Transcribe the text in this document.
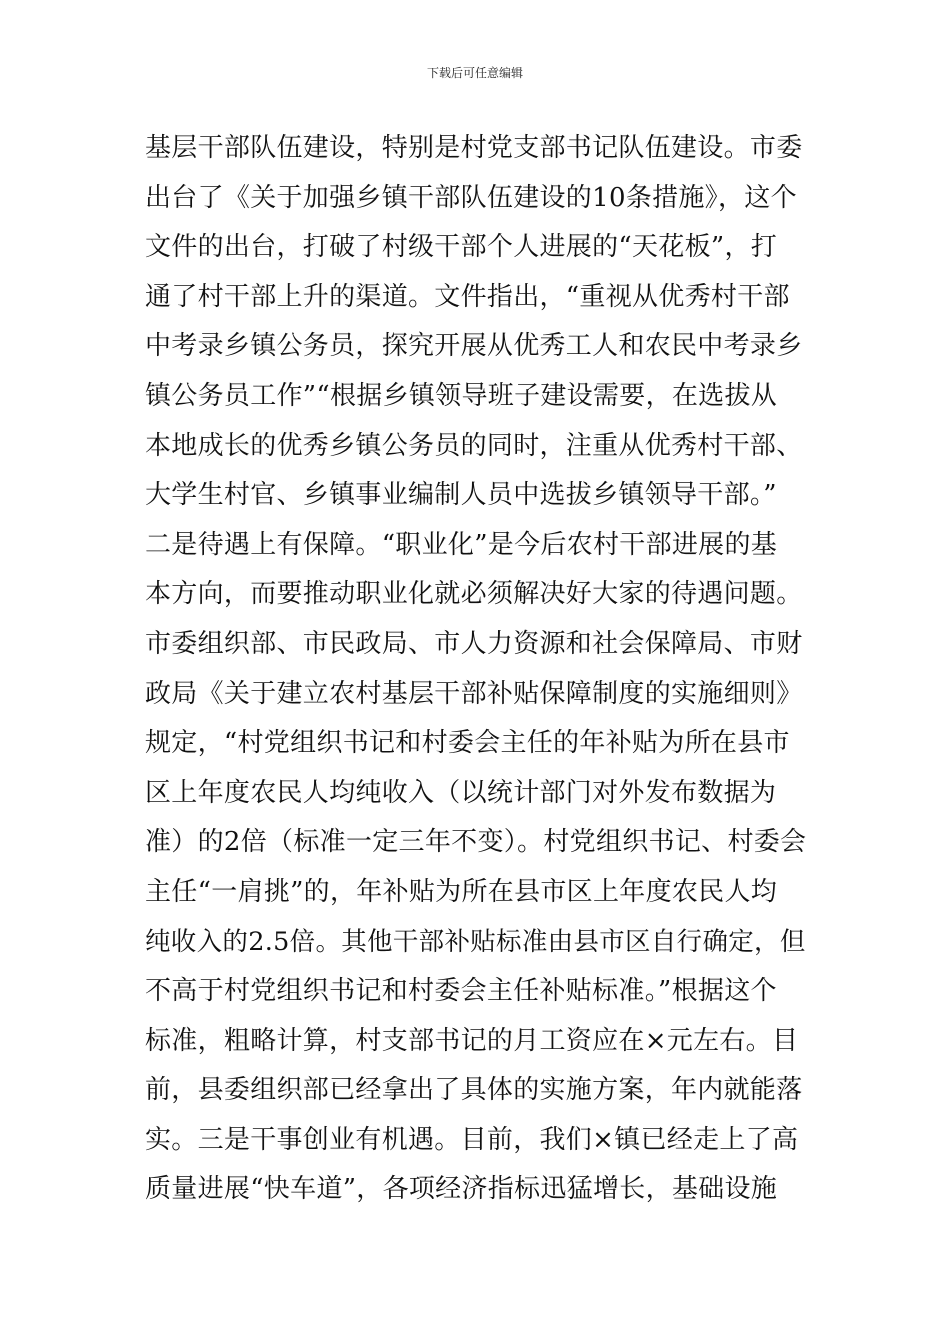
下载后可任意编辑
基层干部队伍建设，特别是村党支部书记队伍建设。市委
出台了《关于加强乡镇干部队伍建设的10条措施》，这个
文件的出台，打破了村级干部个人进展的“天花板”，打
通了村干部上升的渠道。文件指出，“重视从优秀村干部
中考录乡镇公务员，探究开展从优秀工人和农民中考录乡
镇公务员工作”“根据乡镇领导班子建设需要，在选拔从
本地成长的优秀乡镇公务员的同时，注重从优秀村干部、
大学生村官、乡镇事业编制人员中选拔乡镇领导干部。”
二是待遇上有保障。“职业化”是今后农村干部进展的基
本方向，而要推动职业化就必须解决好大家的待遇问题。
市委组织部、市民政局、市人力资源和社会保障局、市财
政局《关于建立农村基层干部补贴保障制度的实施细则》
规定，“村党组织书记和村委会主任的年补贴为所在县市
区上年度农民人均纯收入（以统计部门对外发布数据为
准）的2倍（标准一定三年不变）。村党组织书记、村委会
主任“一肩挑”的，年补贴为所在县市区上年度农民人均
纯收入的2.5倍。其他干部补贴标准由县市区自行确定，但
不高于村党组织书记和村委会主任补贴标准。”根据这个
标准，粗略计算，村支部书记的月工资应在×元左右。目
前，县委组织部已经拿出了具体的实施方案，年内就能落
实。三是干事创业有机遇。目前，我们×镇已经走上了高
质量进展“快车道”，各项经济指标迅猛增长，基础设施
